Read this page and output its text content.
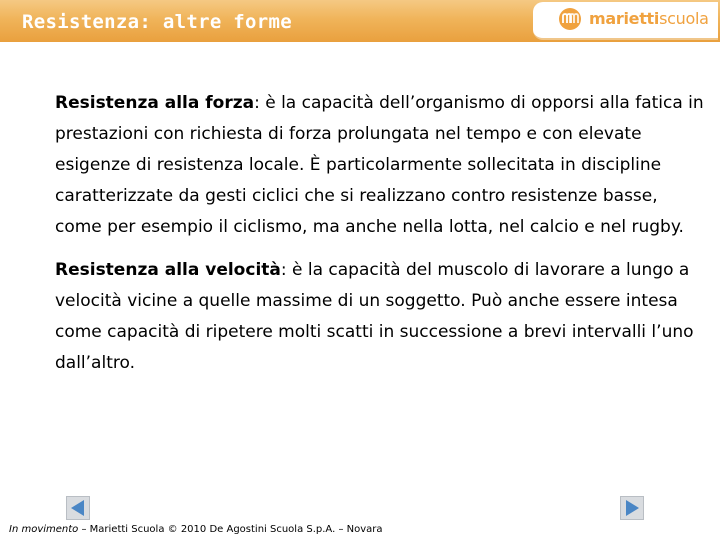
Resistenza: altre forme	mariettiscuola

Resistenza alla forza: è la capacità dell’organismo di opporsi alla fatica in prestazioni con richiesta di forza prolungata nel tempo e con elevate esigenze di resistenza locale. È particolarmente sollecitata in discipline caratterizzate da gesti ciclici che si realizzano contro resistenze basse, come per esempio il ciclismo, ma anche nella lotta, nel calcio e nel rugby.

Resistenza alla velocità: è la capacità del muscolo di lavorare a lungo a velocità vicine a quelle massime di un soggetto. Può anche essere intesa come capacità di ripetere molti scatti in successione a brevi intervalli l’uno dall’altro.

In movimento – Marietti Scuola © 2010 De Agostini Scuola S.p.A. – Novara
